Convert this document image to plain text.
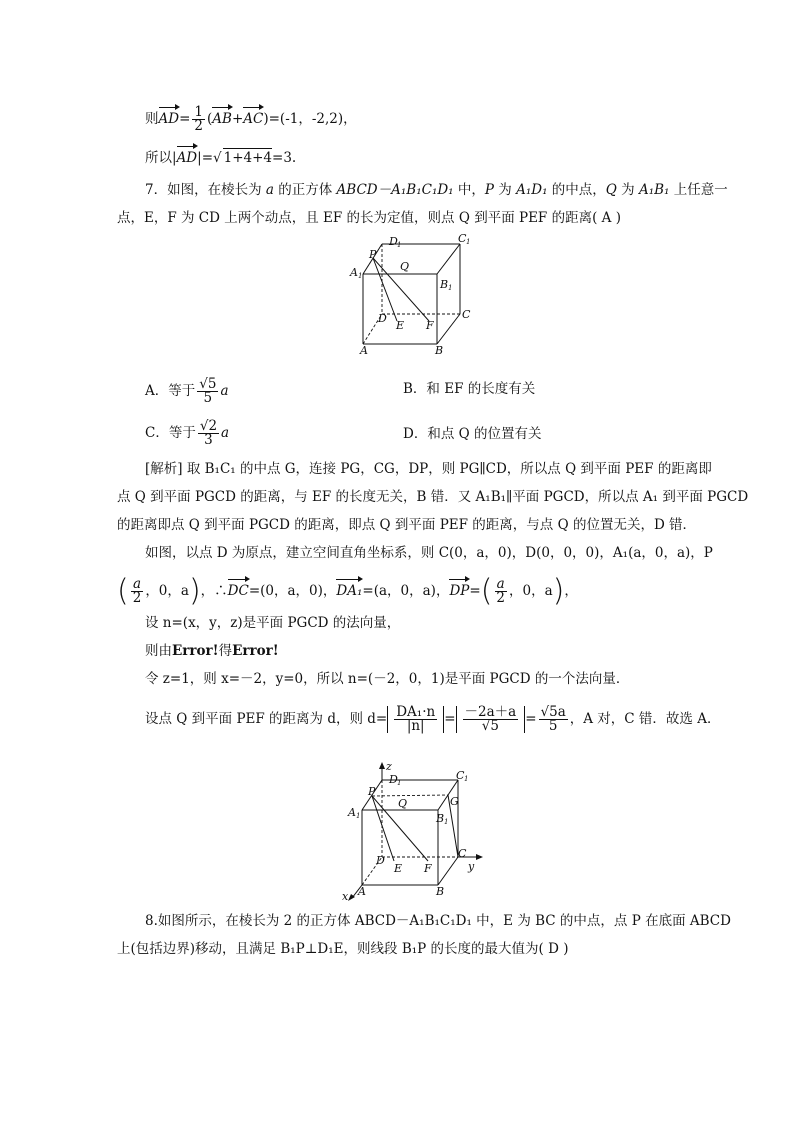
则$AD= \frac{1}{2} (AB+AC)=(-1$，-2,2)，
所以|AD|=√ 1+4+4=3.
7．如图，在棱长为 a 的正方体 ABCD－A₁B₁C₁D₁ 中，P 为 A₁D₁ 的中点，Q 为 A₁B₁ 上任意一
点，E，F 为 CD 上两个动点，且 EF 的长为定值，则点 Q 到平面 PEF 的距离( A )
D 1	C 1
P
Q
A 1
B 1
D
E F
C
A	B
A．等于 $\frac{√5}{5}$ a	B．和 EF 的长度有关
C．等于 $\frac{√2}{3}$ a	D．和点 Q 的位置有关
[解析] 取 B₁C₁ 的中点 G，连接 PG，CG，DP，则 PG∥CD，所以点 Q 到平面 PEF 的距离即
点 Q 到平面 PGCD 的距离，与 EF 的长度无关，B 错．又 A₁B₁∥平面 PGCD，所以点 A₁ 到平面 PGCD
的距离即点 Q 到平面 PGCD 的距离，即点 Q 到平面 PEF 的距离，与点 Q 的位置无关，D 错．
如图，以点 D 为原点，建立空间直角坐标系，则 C(0，a，0)，D(0，0，0)，A₁(a，0，a)，P
( $\frac{a}{2}$ ，0，a)，∴DC=(0，a，0)，DA₁=(a，0，a)，$DP=( \frac{a}{2}$ ，0，a)，
设 n=(x，y，z)是平面 PGCD 的法向量，
则由Error!得Error!
令 z=1，则 x=－2，y=0，所以 n=(－2，0，1)是平面 PGCD 的一个法向量．
设点 Q 到平面 PEF 的距离为 d，则 $d= \frac{\text{DA₁·n}}{|n|} = \frac{-2a+a}{√5} = \frac{√5a}{5}$ ，A 对，C 错．故选 A．
z
D 1
C 1
P
Q	G
A 1	B 1
D
E F
C
y
A	B
x
8.如图所示，在棱长为 2 的正方体 ABCD－A₁B₁C₁D₁ 中，E 为 BC 的中点，点 P 在底面 ABCD
上(包括边界)移动，且满足 B₁P⊥D₁E，则线段 B₁P 的长度的最大值为( D )
